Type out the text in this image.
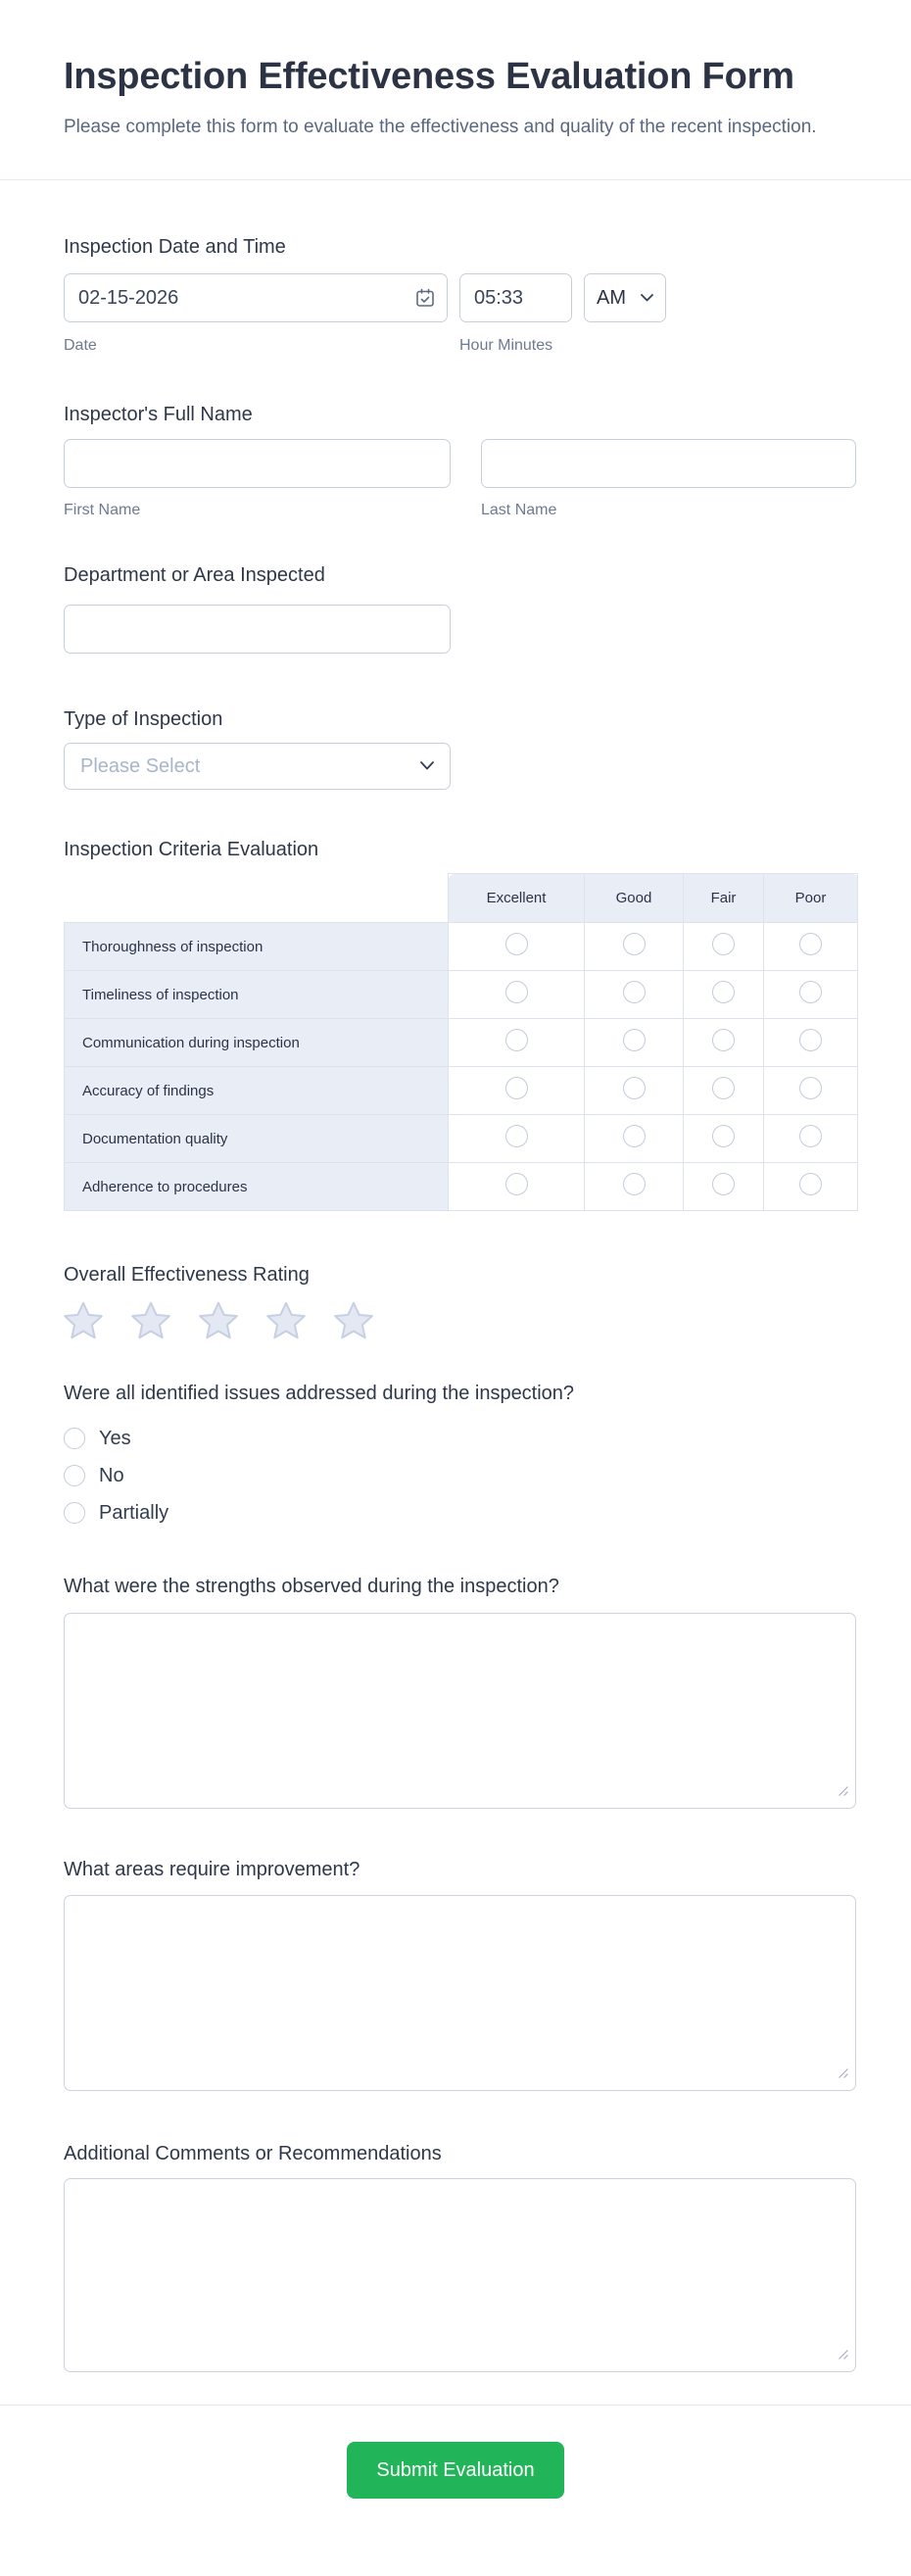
Inspection Effectiveness Evaluation Form

Please complete this form to evaluate the effectiveness and quality of the recent inspection.

Inspection Date and Time
02-15-2026
05:33
AM
Date	Hour Minutes
Inspector's Full Name
First Name	Last Name
Department or Area Inspected
Type of Inspection
Please Select
Inspection Criteria Evaluation
	Excellent	Good	Fair	Poor
Thoroughness of inspection				
Timeliness of inspection				
Communication during inspection				
Accuracy of findings				
Documentation quality				
Adherence to procedures				
Overall Effectiveness Rating
Were all identified issues addressed during the inspection?
Yes
No
Partially
What were the strengths observed during the inspection?
What areas require improvement?
Additional Comments or Recommendations
Submit Evaluation
